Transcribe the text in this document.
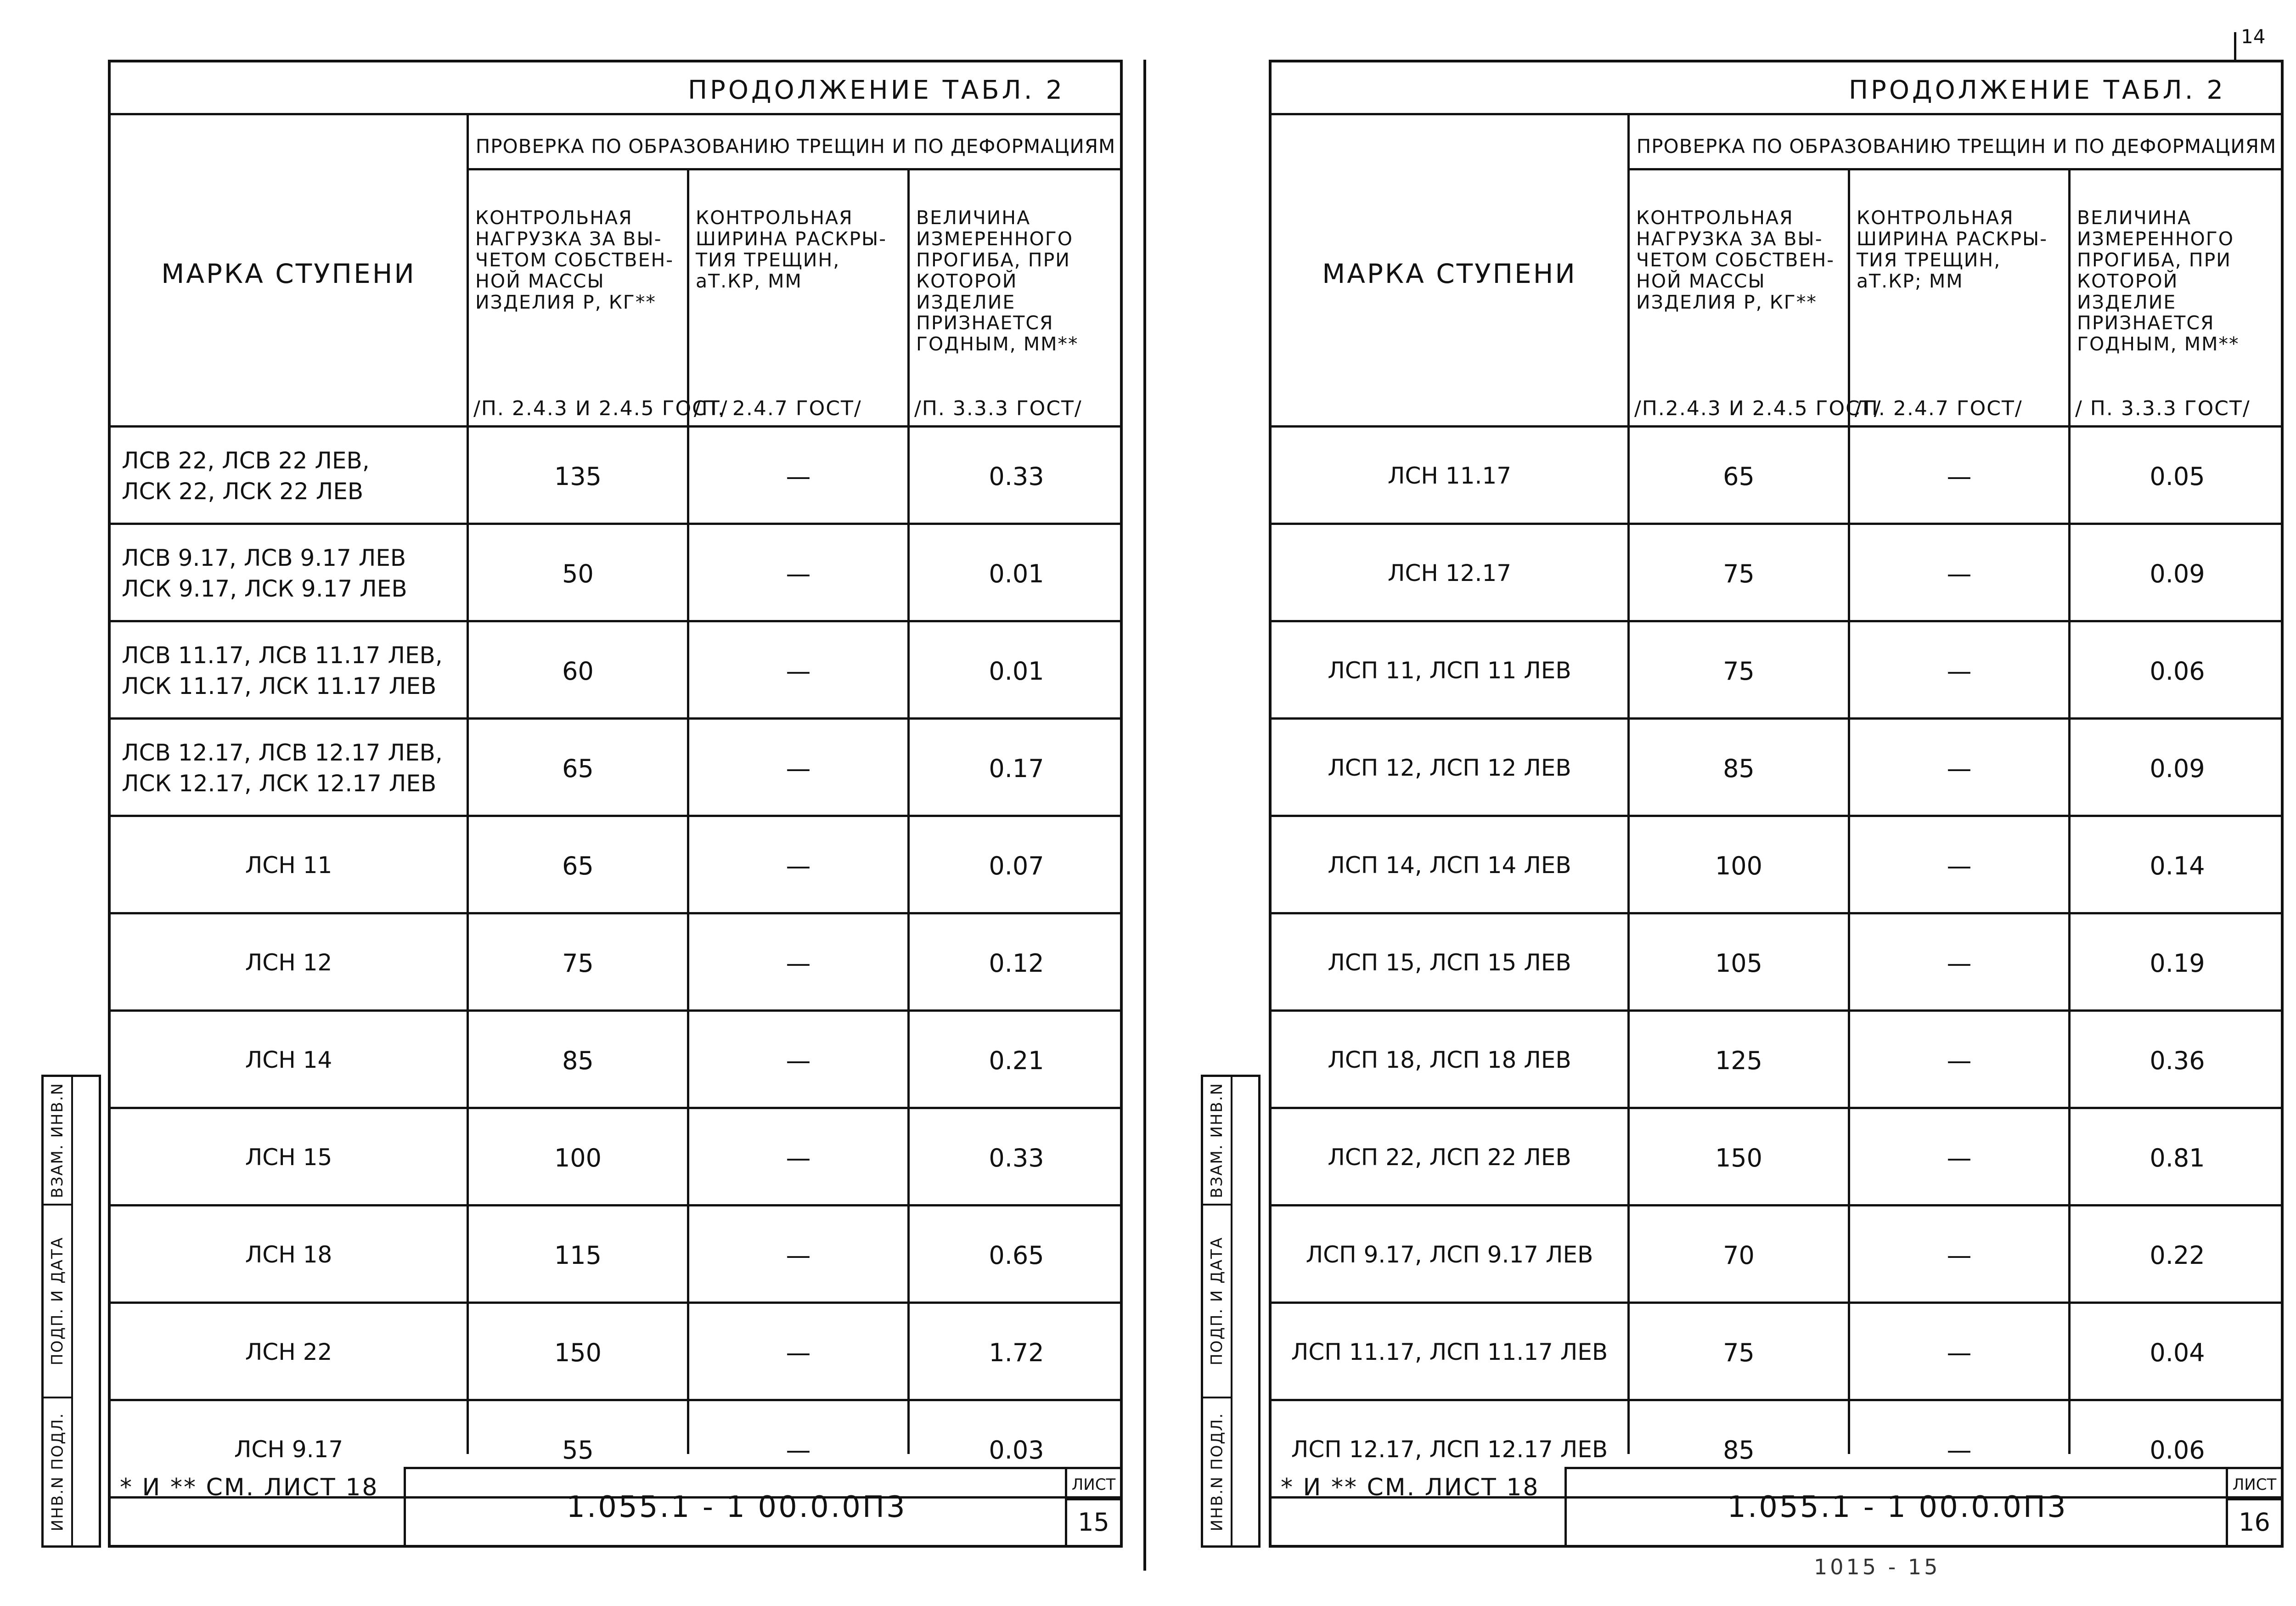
ПРОДОЛЖЕНИЕ ТАБЛ. 2
МАРКА СТУПЕНИ
ПРОВЕРКА ПО ОБРАЗОВАНИЮ ТРЕЩИН И ПО ДЕФОРМАЦИЯМ

КОНТРОЛЬНАЯ
НАГРУЗКА ЗА ВЫ-
ЧЕТОМ СОБСТВЕН-
НОЙ МАССЫ
ИЗДЕЛИЯ Р, КГ**

/П. 2.4.3 И 2.4.5 ГОСТ/

КОНТРОЛЬНАЯ
ШИРИНА РАСКРЫ-
ТИЯ ТРЕЩИН,
aТ.КР, ММ

/П. 2.4.7 ГОСТ/

ВЕЛИЧИНА
ИЗМЕРЕННОГО
ПРОГИБА, ПРИ
КОТОРОЙ ИЗДЕЛИЕ
ПРИЗНАЕТСЯ
ГОДНЫМ, ММ**

/П. 3.3.3 ГОСТ/

ЛСВ 22, ЛСВ 22 ЛЕВ,
ЛСК 22, ЛСК 22 ЛЕВ
135	—	0.33
ЛСВ 9.17, ЛСВ 9.17 ЛЕВ
ЛСК 9.17, ЛСК 9.17 ЛЕВ
50	—	0.01
ЛСВ 11.17, ЛСВ 11.17 ЛЕВ,
ЛСК 11.17, ЛСК 11.17 ЛЕВ
60	—	0.01
ЛСВ 12.17, ЛСВ 12.17 ЛЕВ,
ЛСК 12.17, ЛСК 12.17 ЛЕВ
65	—	0.17
ЛСН 11	65	—	0.07
ЛСН 12	75	—	0.12
ЛСН 14	85	—	0.21
ЛСН 15	100	—	0.33
ЛСН 18	115	—	0.65
ЛСН 22	150	—	1.72
ЛСН 9.17	55	—	0.03
* И ** СМ. ЛИСТ 18
1.055.1 - 1 00.0.0П3
ЛИСТ
15
ВЗАМ. ИНВ.N
ПОДП. И ДАТА
ИНВ.N ПОДЛ.
ПРОДОЛЖЕНИЕ ТАБЛ. 2
МАРКА СТУПЕНИ
ПРОВЕРКА ПО ОБРАЗОВАНИЮ ТРЕЩИН И ПО ДЕФОРМАЦИЯМ

КОНТРОЛЬНАЯ
НАГРУЗКА ЗА ВЫ-
ЧЕТОМ СОБСТВЕН-
НОЙ МАССЫ
ИЗДЕЛИЯ Р, КГ**

/П.2.4.3 И 2.4.5 ГОСТ/

КОНТРОЛЬНАЯ
ШИРИНА РАСКРЫ-
ТИЯ ТРЕЩИН,
aТ.КР; ММ

/П. 2.4.7 ГОСТ/

ВЕЛИЧИНА
ИЗМЕРЕННОГО
ПРОГИБА, ПРИ
КОТОРОЙ ИЗДЕЛИЕ
ПРИЗНАЕТСЯ
ГОДНЫМ, ММ**

/ П. 3.3.3 ГОСТ/

ЛСН 11.17	65	—	0.05
ЛСН 12.17	75	—	0.09
ЛСП 11, ЛСП 11 ЛЕВ	75	—	0.06
ЛСП 12, ЛСП 12 ЛЕВ	85	—	0.09
ЛСП 14, ЛСП 14 ЛЕВ	100	—	0.14
ЛСП 15, ЛСП 15 ЛЕВ	105	—	0.19
ЛСП 18, ЛСП 18 ЛЕВ	125	—	0.36
ЛСП 22, ЛСП 22 ЛЕВ	150	—	0.81
ЛСП 9.17, ЛСП 9.17 ЛЕВ	70	—	0.22
ЛСП 11.17, ЛСП 11.17 ЛЕВ	75	—	0.04
ЛСП 12.17, ЛСП 12.17 ЛЕВ	85	—	0.06
* И ** СМ. ЛИСТ 18
1.055.1 - 1 00.0.0П3
ЛИСТ
16
ВЗАМ. ИНВ.N
ПОДП. И ДАТА
ИНВ.N ПОДЛ.
14
1015 - 15
